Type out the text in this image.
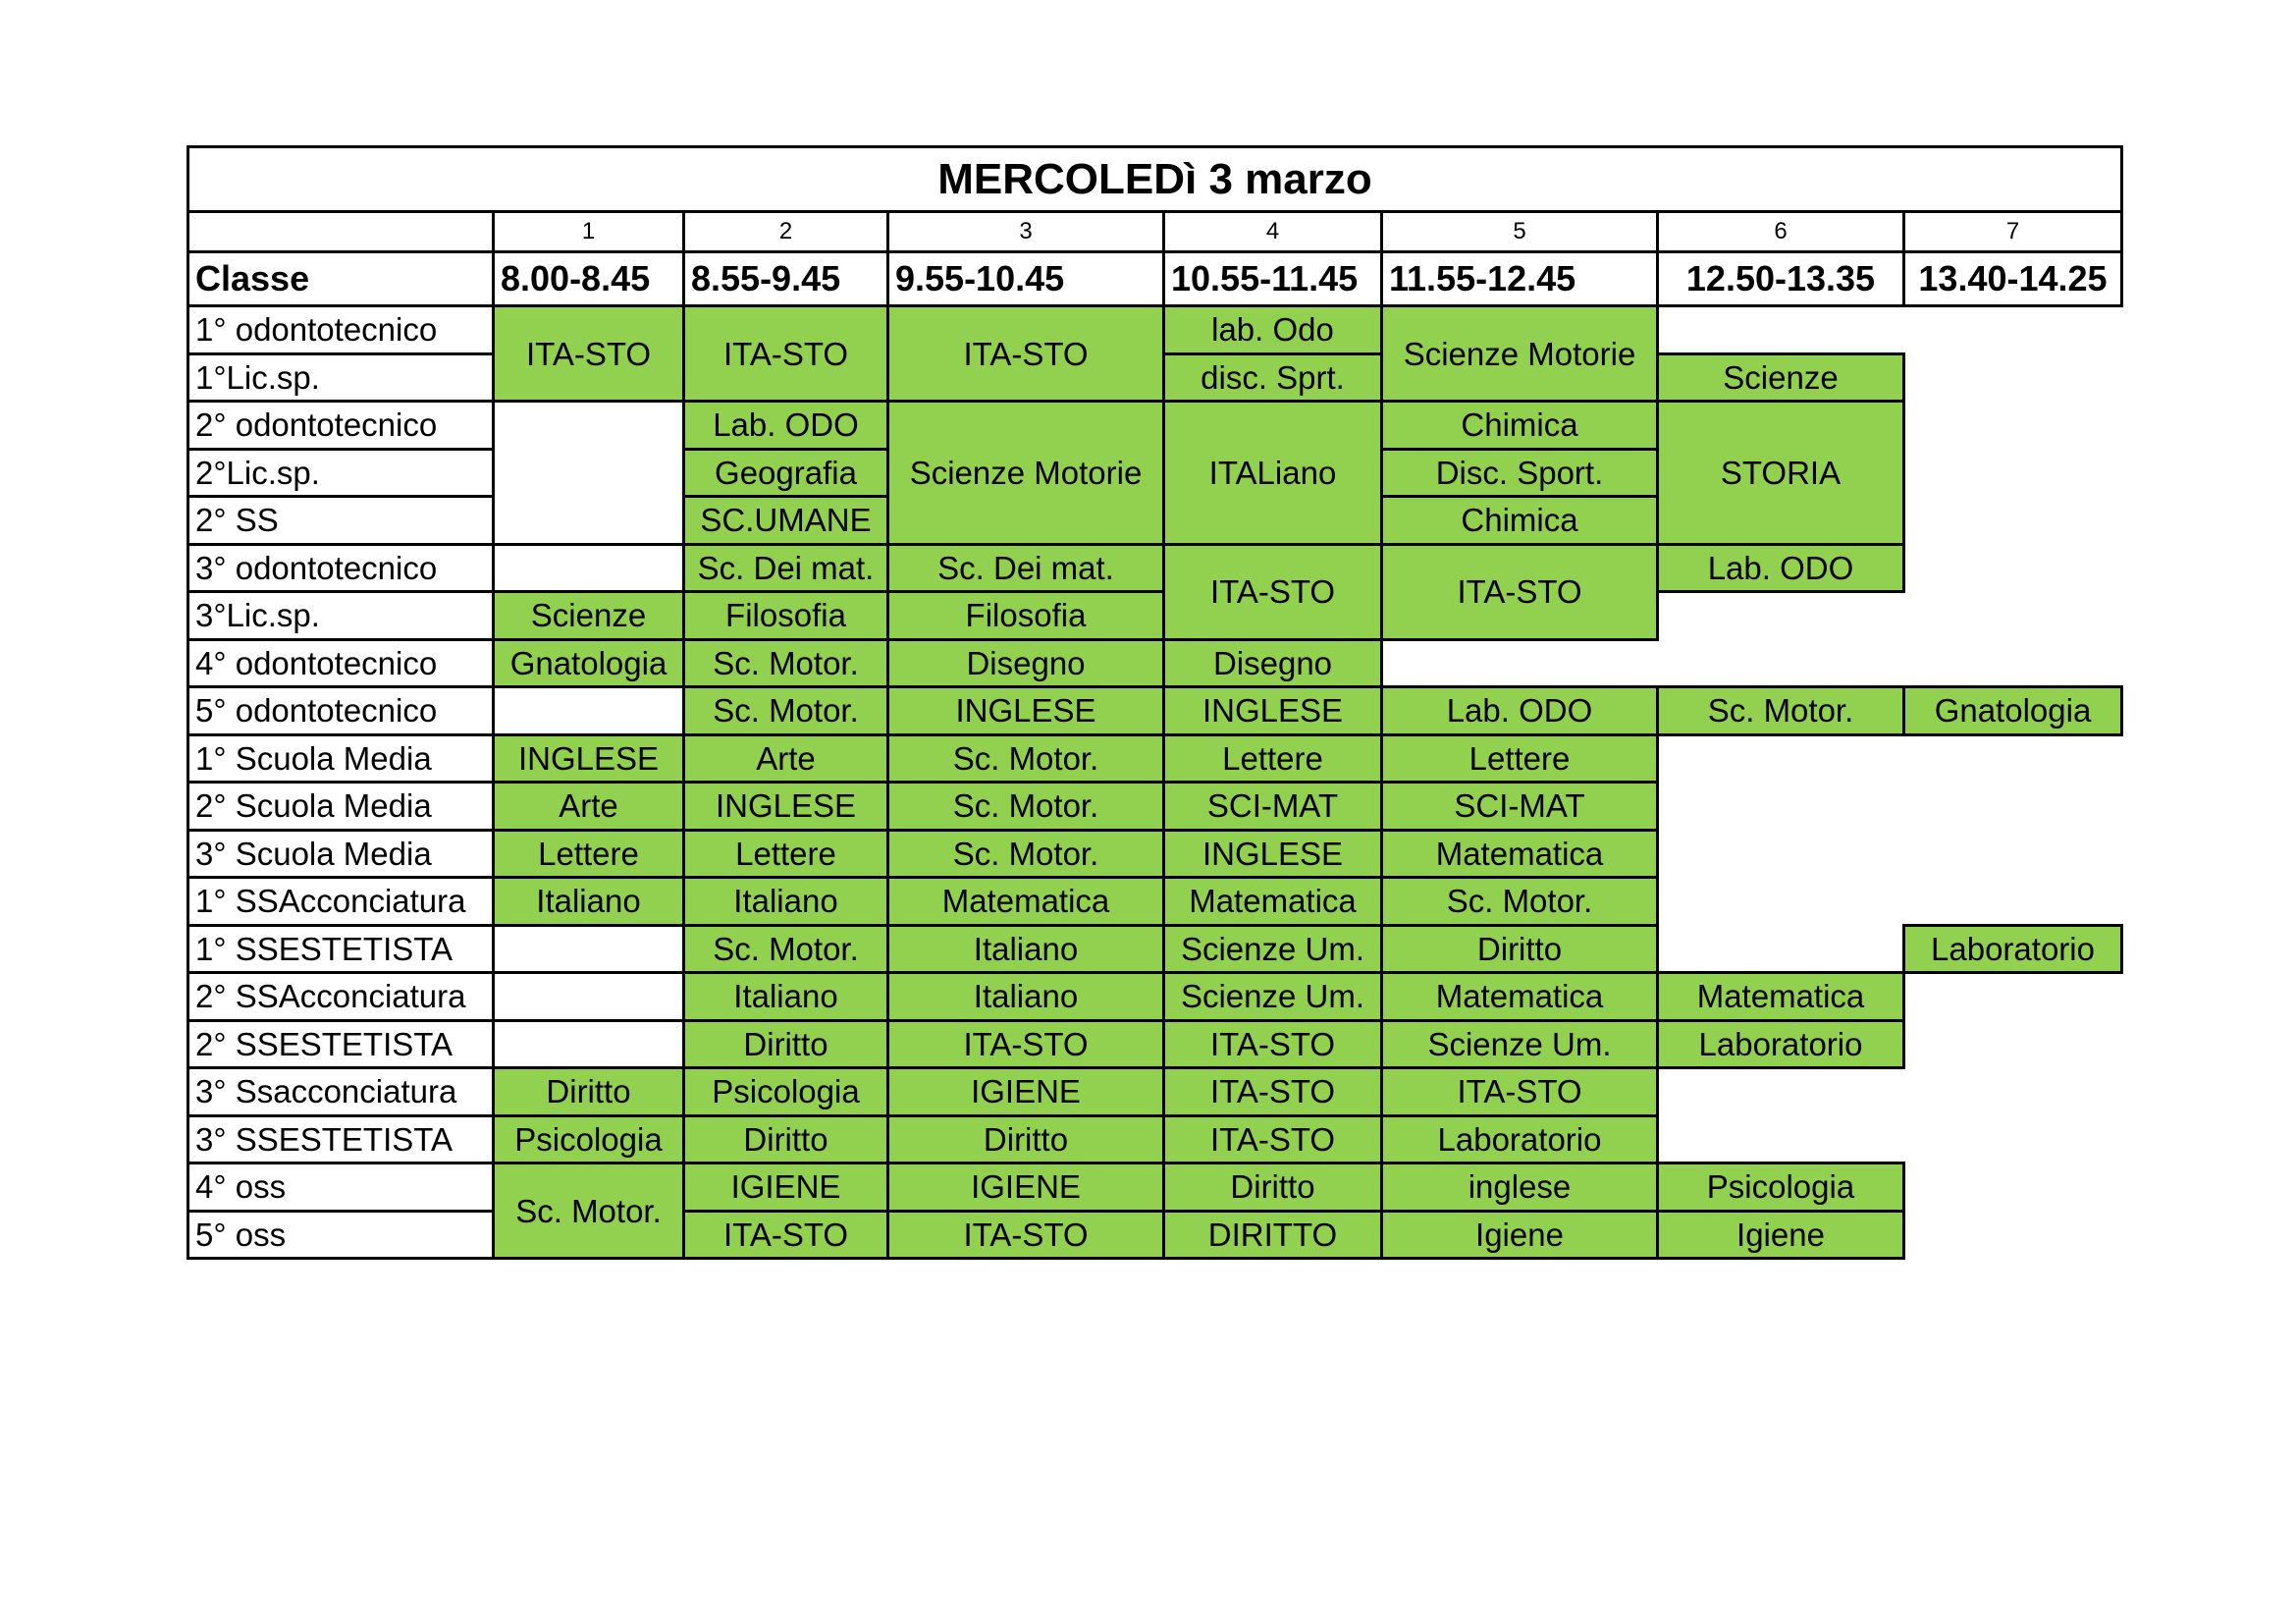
MERCOLEDì 3 marzo							
	1	2	3	4	5	6	7
Classe	8.00-8.45	8.55-9.45	9.55-10.45	10.55-11.45	11.55-12.45	12.50-13.35	13.40-14.25
1° odontotecnico	ITA-STO	ITA-STO	ITA-STO	lab. Odo	Scienze Motorie		
1°Lic.sp.				disc. Sprt.		Scienze	
2° odontotecnico		Lab. ODO	Scienze Motorie	ITALiano	Chimica	STORIA	
2°Lic.sp.		Geografia			Disc. Sport.		
2° SS		SC.UMANE			Chimica		
3° odontotecnico		Sc. Dei mat.	Sc. Dei mat.	ITA-STO	ITA-STO	Lab. ODO	
3°Lic.sp.	Scienze	Filosofia	Filosofia				
4° odontotecnico	Gnatologia	Sc. Motor.	Disegno	Disegno			
5° odontotecnico		Sc. Motor.	INGLESE	INGLESE	Lab. ODO	Sc. Motor.	Gnatologia
1° Scuola Media	INGLESE	Arte	Sc. Motor.	Lettere	Lettere		
2° Scuola Media	Arte	INGLESE	Sc. Motor.	SCI-MAT	SCI-MAT		
3° Scuola Media	Lettere	Lettere	Sc. Motor.	INGLESE	Matematica		
1° SSAcconciatura	Italiano	Italiano	Matematica	Matematica	Sc. Motor.		
1° SSESTETISTA		Sc. Motor.	Italiano	Scienze Um.	Diritto		Laboratorio
2° SSAcconciatura		Italiano	Italiano	Scienze Um.	Matematica	Matematica	
2° SSESTETISTA		Diritto	ITA-STO	ITA-STO	Scienze Um.	Laboratorio	
3° Ssacconciatura	Diritto	Psicologia	IGIENE	ITA-STO	ITA-STO		
3° SSESTETISTA	Psicologia	Diritto	Diritto	ITA-STO	Laboratorio		
4° oss	Sc. Motor.	IGIENE	IGIENE	Diritto	inglese	Psicologia	
5° oss		ITA-STO	ITA-STO	DIRITTO	Igiene	Igiene	
